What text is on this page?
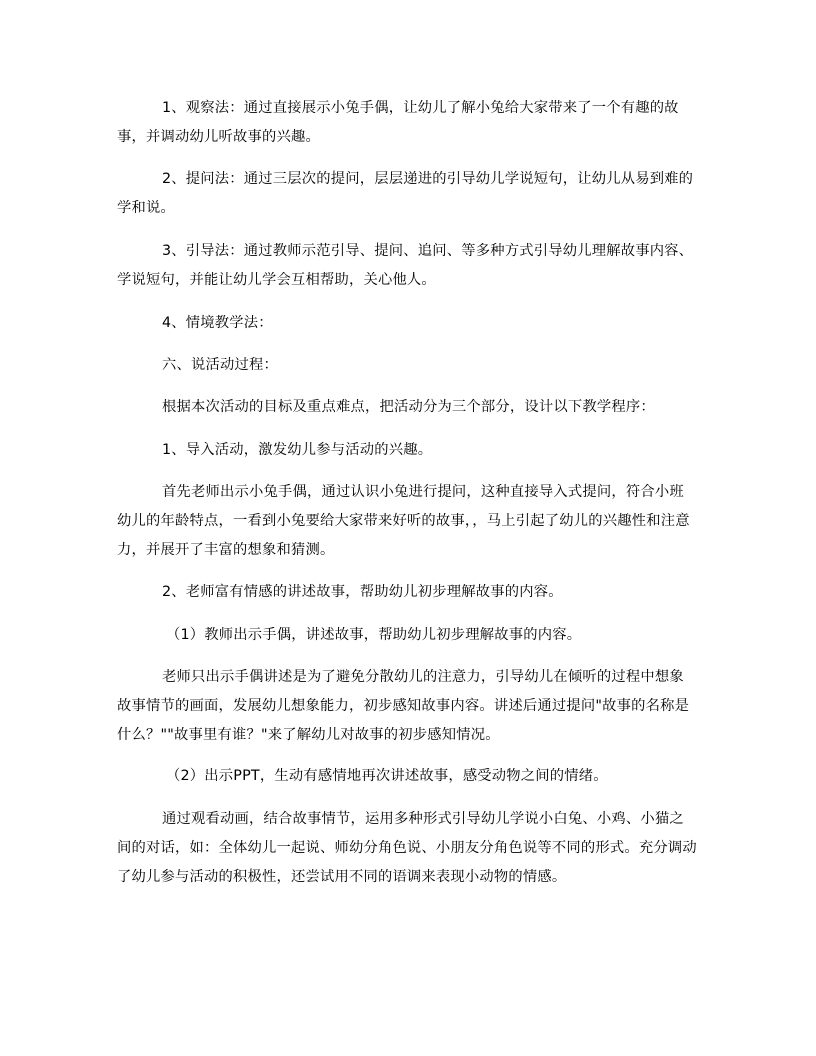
1、观察法：通过直接展示小兔手偶，让幼儿了解小兔给大家带来了一个有趣的故事，并调动幼儿听故事的兴趣。

2、提问法：通过三层次的提问，层层递进的引导幼儿学说短句，让幼儿从易到难的学和说。

3、引导法：通过教师示范引导、提问、追问、等多种方式引导幼儿理解故事内容、学说短句，并能让幼儿学会互相帮助，关心他人。

4、情境教学法：

六、说活动过程：

根据本次活动的目标及重点难点，把活动分为三个部分，设计以下教学程序：

1、导入活动，激发幼儿参与活动的兴趣。

首先老师出示小兔手偶，通过认识小兔进行提问，这种直接导入式提问，符合小班幼儿的年龄特点，一看到小兔要给大家带来好听的故事，，马上引起了幼儿的兴趣性和注意力，并展开了丰富的想象和猜测。

2、老师富有情感的讲述故事，帮助幼儿初步理解故事的内容。

（1）教师出示手偶，讲述故事，帮助幼儿初步理解故事的内容。

老师只出示手偶讲述是为了避免分散幼儿的注意力，引导幼儿在倾听的过程中想象故事情节的画面，发展幼儿想象能力，初步感知故事内容。讲述后通过提问"故事的名称是什么？""故事里有谁？"来了解幼儿对故事的初步感知情况。

（2）出示PPT，生动有感情地再次讲述故事，感受动物之间的情绪。

通过观看动画，结合故事情节，运用多种形式引导幼儿学说小白兔、小鸡、小猫之间的对话，如：全体幼儿一起说、师幼分角色说、小朋友分角色说等不同的形式。充分调动了幼儿参与活动的积极性，还尝试用不同的语调来表现小动物的情感。
